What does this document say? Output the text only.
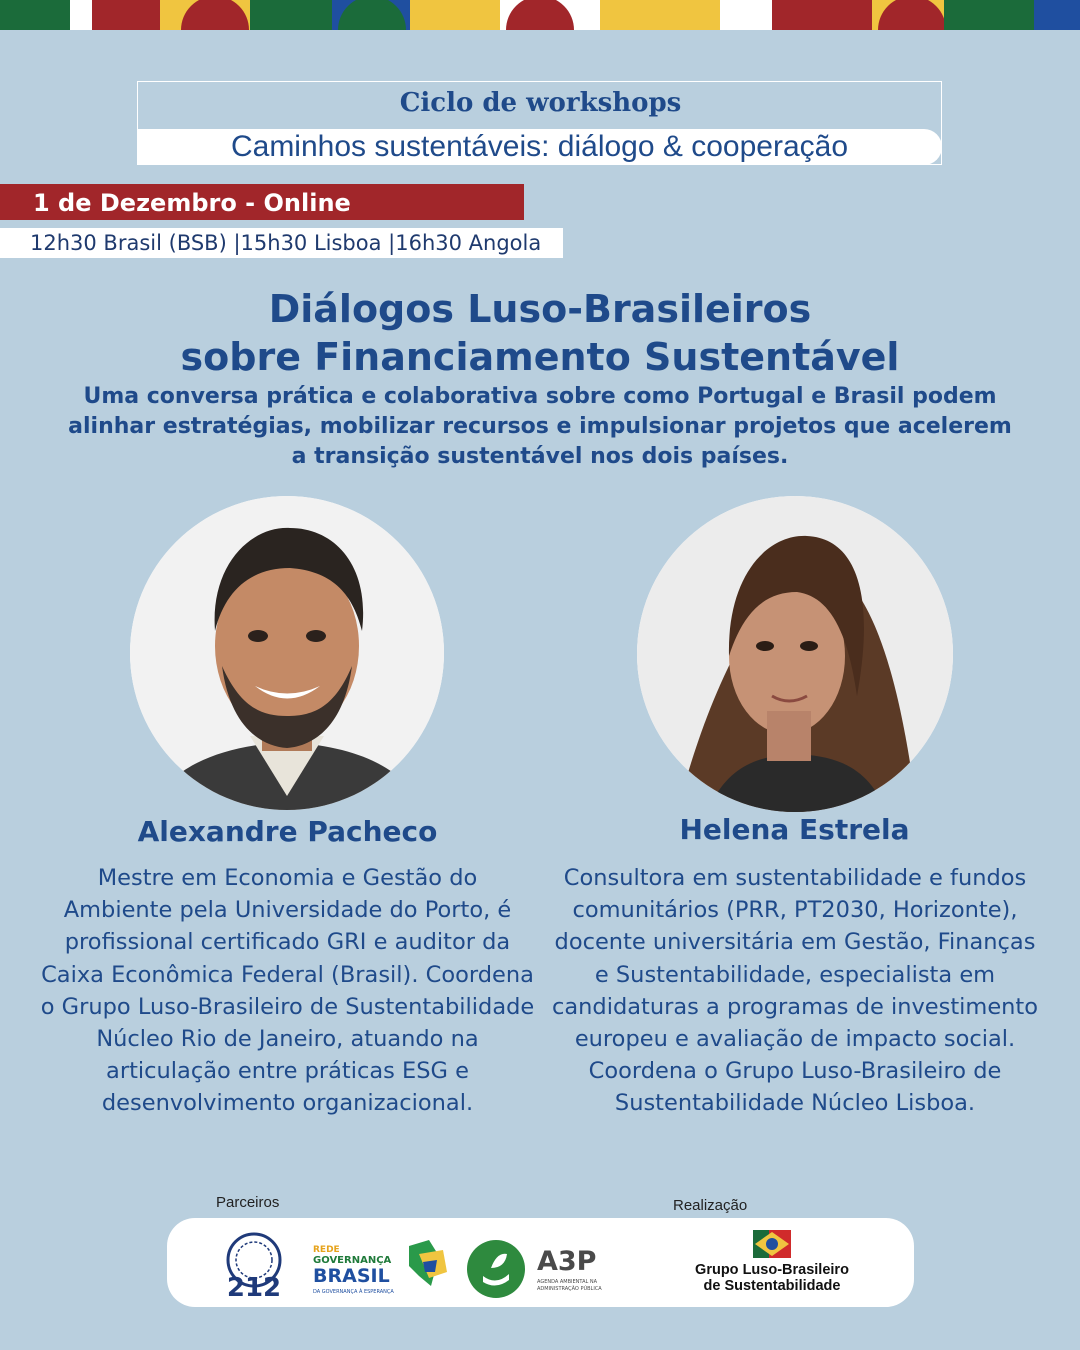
Ciclo de workshops
Caminhos sustentáveis: diálogo & cooperação
1 de Dezembro - Online
12h30 Brasil (BSB) |15h30 Lisboa |16h30 Angola
Diálogos Luso-Brasileiros
sobre Financiamento Sustentável

Uma conversa prática e colaborativa sobre como Portugal e Brasil podem alinhar estratégias, mobilizar recursos e impulsionar projetos que acelerem a transição sustentável nos dois países.

Alexandre Pacheco

Mestre em Economia e Gestão do Ambiente pela Universidade do Porto, é profissional certificado GRI e auditor da Caixa Econômica Federal (Brasil). Coordena o Grupo Luso-Brasileiro de Sustentabilidade Núcleo Rio de Janeiro, atuando na articulação entre práticas ESG e desenvolvimento organizacional.

Helena Estrela

Consultora em sustentabilidade e fundos comunitários (PRR, PT2030, Horizonte), docente universitária em Gestão, Finanças e Sustentabilidade, especialista em candidaturas a programas de investimento europeu e avaliação de impacto social. Coordena o Grupo Luso-Brasileiro de Sustentabilidade Núcleo Lisboa.

Parceiros	Realização
212
REDE
GOVERNANÇA
BRASIL
DA GOVERNANÇA À ESPERANÇA
A3P
AGENDA AMBIENTAL NA
ADMINISTRAÇÃO PÚBLICA
Grupo Luso-Brasileiro
de Sustentabilidade
